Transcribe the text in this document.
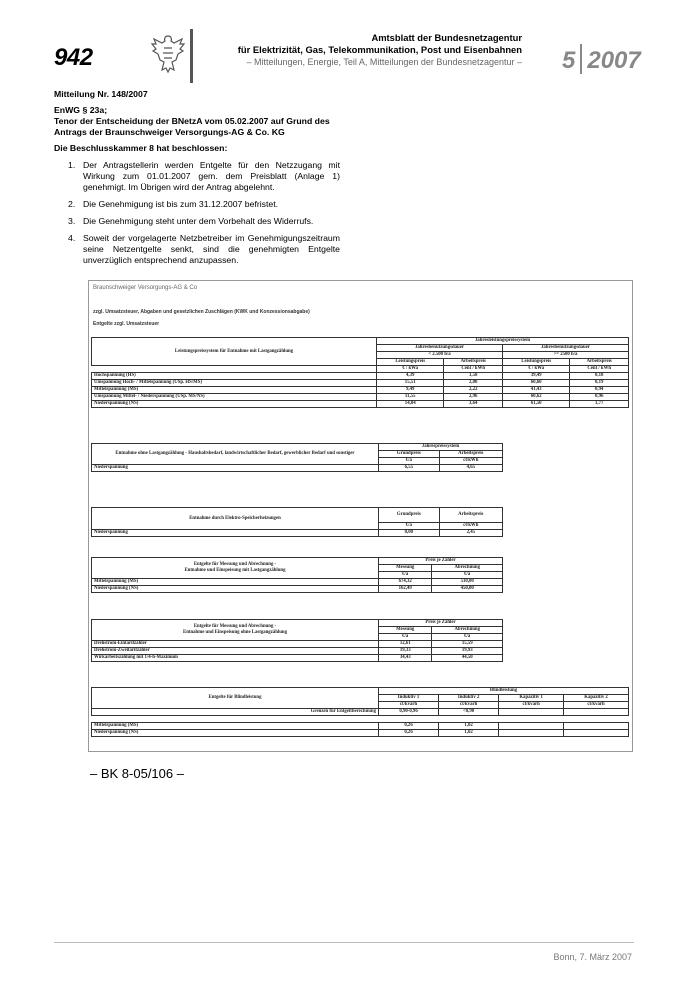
942
Amtsblatt der Bundesnetzagentur
für Elektrizität, Gas, Telekommunikation, Post und Eisenbahnen
– Mitteilungen, Energie, Teil A, Mitteilungen der Bundesnetzagentur – 5 2007

Mitteilung Nr. 148/2007

EnWG § 23a;

Tenor der Entscheidung der BNetzA vom 05.02.2007 auf Grund des Antrags der Braunschweiger Versorgungs-AG & Co. KG

Die Beschlusskammer 8 hat beschlossen:

1. Der Antragstellerin werden Entgelte für den Netzzugang mit Wirkung zum 01.01.2007 gem. dem Preisblatt (Anlage 1) genehmigt. Im Übrigen wird der Antrag abgelehnt.
2. Die Genehmigung ist bis zum 31.12.2007 befristet.
3. Die Genehmigung steht unter dem Vorbehalt des Widerrufs.
4. Soweit der vorgelagerte Netzbetreiber im Genehmigungszeitraum seine Netzentgelte senkt, sind die genehmigten Entgelte unverzüglich entsprechend anzupassen.
Braunschweiger Versorgungs-AG & Co
zzgl. Umsatzsteuer, Abgaben und gesetzlichen Zuschlägen (KWK und Konzessionsabgabe)
Entgelte zzgl. Umsatzsteuer
Leistungspreissystem für Entnahme mit Lastgangzählung	Jahresleistungspreissystem			
	Jahresbenutzungsdauer		Jahresbenutzungsdauer	
	< 2.500 h/a		>= 2500 h/a	
	Leistungspreis	Arbeitspreis	Leistungspreis	Arbeitspreis
	€ / kWa	Cent / kWh	€ / kWa	Cent / kWh
Hochspannung (HS)	4,39	1,58	39,49	0,18
Umspannung Hoch- / Mittelspannung (USp. HS/MS)	15,51	2,00	60,60	0,19
Mittelspannung (MS)	9,49	2,22	41,43	0,94
Umspannung Mittel- / Niederspannung (USp. MS/NS)	11,55	2,96	60,62	0,96
Niederspannung (NS)	14,84	3,64	61,50	1,77
Entnahme ohne Lastgangzählung - Haushaltsbedarf, landwirtschaftlicher Bedarf, gewerblicher Bedarf und sonstiger	Jahrespreissystem	
	Grundpreis	Arbeitspreis
	€/a	ct/kWh
Niederspannung	6,55	4,65
Entnahme durch Elektro-Speicherheizungen	Grundpreis	Arbeitspreis
	€/a	ct/kWh
Niederspannung	0,00	2,45
Entgelte für Messung und Abrechnung -
Entnahme und Einspeisung mit Lastgangzählung	Preis je Zähler	
	Messung	Abrechnung
	€/a	€/a
Mittelspannung (MS)	674,32	510,00
Niederspannung (NS)	162,49	450,00
Entgelte für Messung und Abrechnung -
Entnahme und Einspeisung ohne Lastgangzählung	Preis je Zähler	
	Messung	Abrechnung
	€/a	€/a
Drehstrom-Eintarifzähler	12,61	15,59
Drehstrom-Zweitarifzähler	19,33	19,93
Wirkarbeitszählung mit 1/4-h-Maximum	34,43	44,50
Entgelte für Blindleistung	Blindleistung			
	Induktiv 1	Induktiv 2	Kapazitiv 1	Kapazitiv 2
	ct/kvarh	ct/kvarh	ct/kvarh	ct/kvarh
Grenzen für Entgeltberechnung	0,90-0,96	<0,90		

Mittelspannung (MS)	0,26	1,02		
Niederspannung (NS)	0,26	1,02		
– BK 8-05/106 –
Bonn, 7. März 2007
